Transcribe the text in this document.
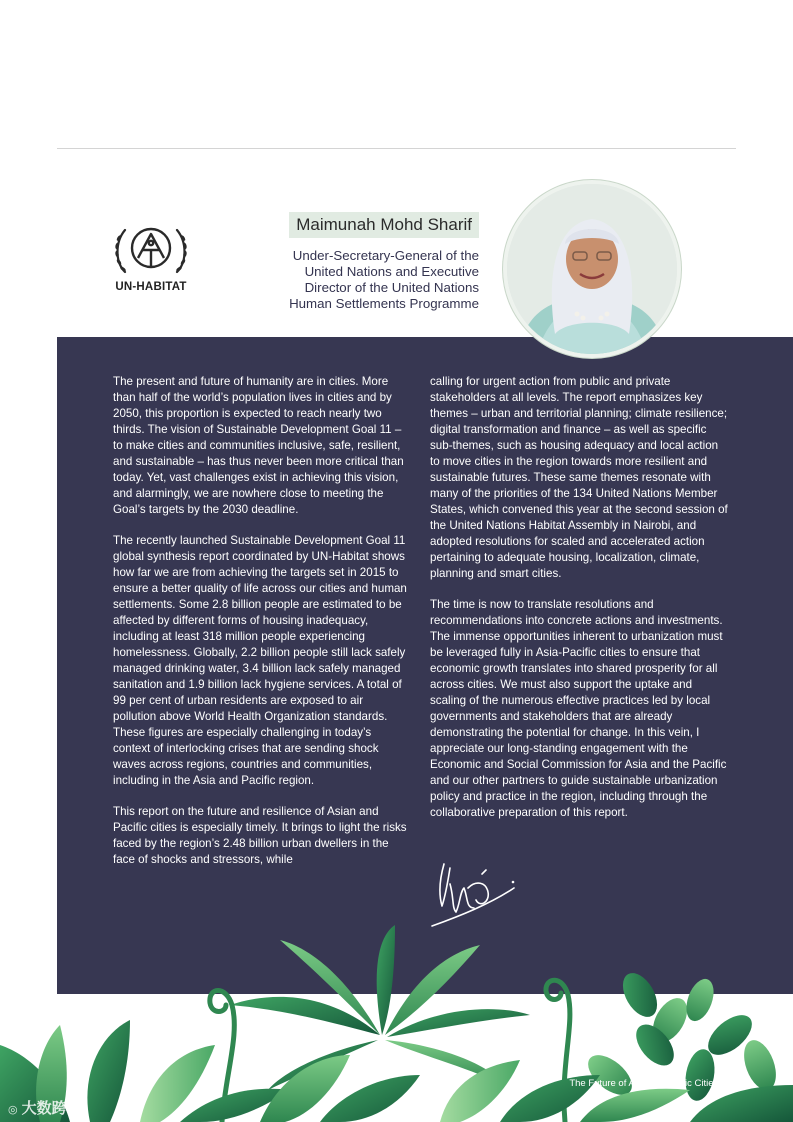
UN-HABITAT
Maimunah Mohd Sharif
Under-Secretary-General of the
United Nations and Executive
Director of the United Nations
Human Settlements Programme

The present and future of humanity are in cities. More than half of the world’s population lives in cities and by 2050, this proportion is expected to reach nearly two thirds. The vision of Sustainable Development Goal 11 – to make cities and communities inclusive, safe, resilient, and sustainable – has thus never been more critical than today. Yet, vast challenges exist in achieving this vision, and alarmingly, we are nowhere close to meeting the Goal’s targets by the 2030 deadline.

The recently launched Sustainable Development Goal 11 global synthesis report coordinated by UN-Habitat shows how far we are from achieving the targets set in 2015 to ensure a better quality of life across our cities and human settlements. Some 2.8 billion people are estimated to be affected by different forms of housing inadequacy, including at least 318 million people experiencing homelessness. Globally, 2.2 billion people still lack safely managed drinking water, 3.4 billion lack safely managed sanitation and 1.9 billion lack hygiene services. A total of 99 per cent of urban residents are exposed to air pollution above World Health Organization standards. These figures are especially challenging in today’s context of interlocking crises that are sending shock waves across regions, countries and communities, including in the Asia and Pacific region.

This report on the future and resilience of Asian and Pacific cities is especially timely. It brings to light the risks faced by the region’s 2.48 billion urban dwellers in the face of shocks and stressors, while

calling for urgent action from public and private stakeholders at all levels. The report emphasizes key themes – urban and territorial planning; climate resilience; digital transformation and finance – as well as specific sub-themes, such as housing adequacy and local action to move cities in the region towards more resilient and sustainable futures. These same themes resonate with many of the priorities of the 134 United Nations Member States, which convened this year at the second session of the United Nations Habitat Assembly in Nairobi, and adopted resolutions for scaled and accelerated action pertaining to adequate housing, localization, climate, planning and smart cities.

The time is now to translate resolutions and recommendations into concrete actions and investments. The immense opportunities inherent to urbanization must be leveraged fully in Asia-Pacific cities to ensure that economic growth translates into shared prosperity for all across cities. We must also support the uptake and scaling of the numerous effective practices led by local governments and stakeholders that are already demonstrating the potential for change. In this vein, I appreciate our long-standing engagement with the Economic and Social Commission for Asia and the Pacific and our other partners to guide sustainable urbanization policy and practice in the region, including through the collaborative preparation of this report.

The Future of Asian & Pacific Cities | 4
◎ 大数跨境
